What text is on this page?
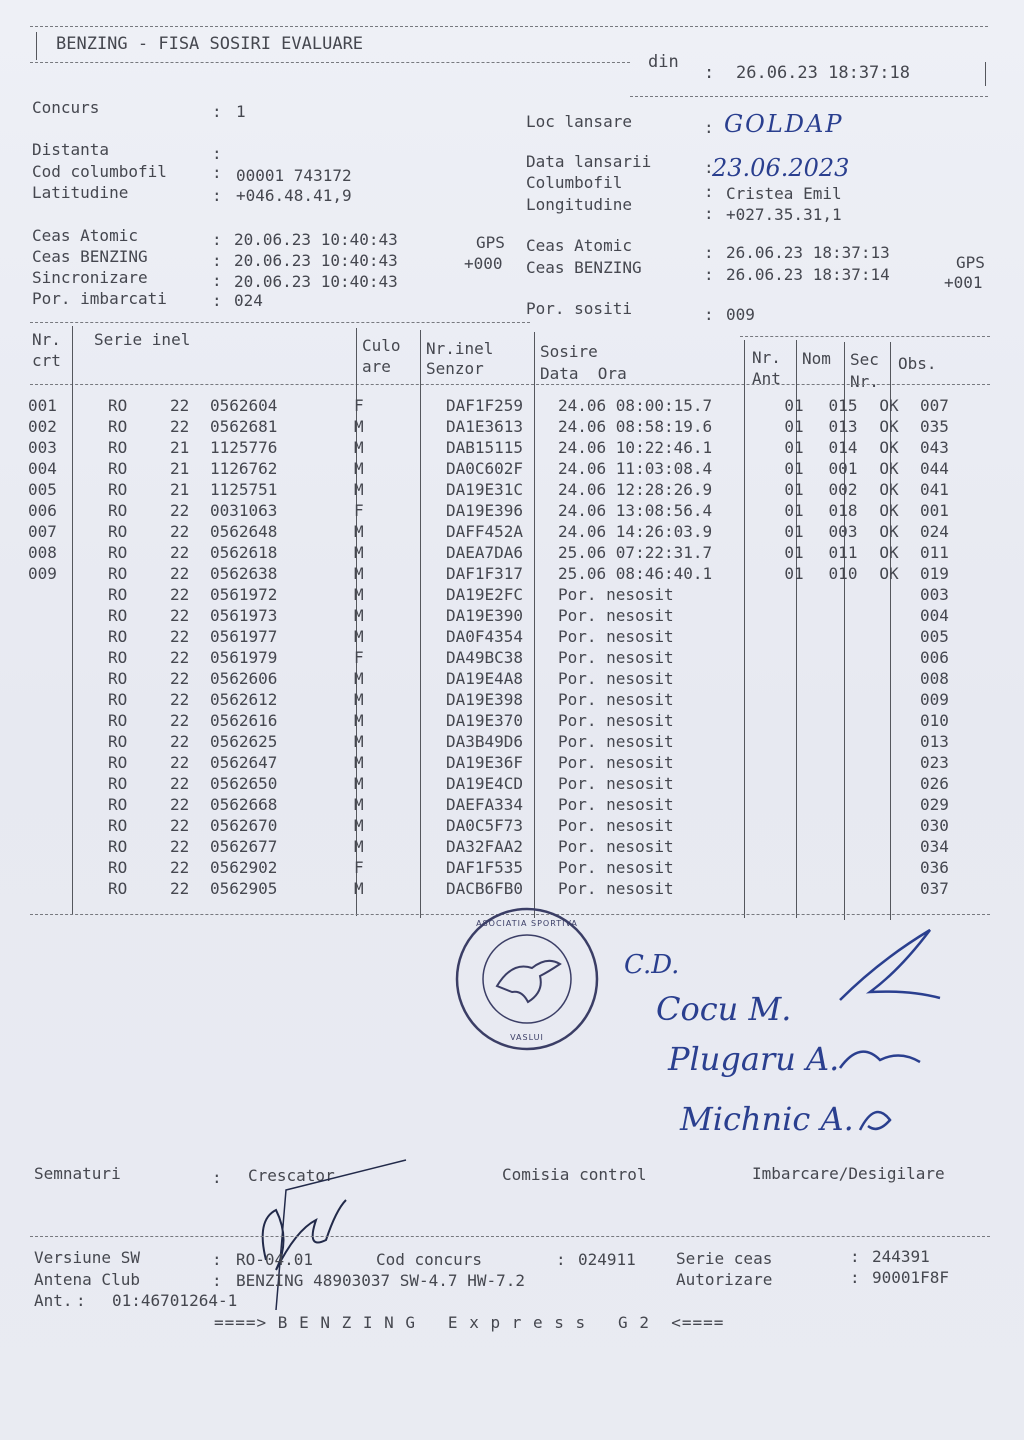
BENZING - FISA SOSIRI EVALUARE
din
: 26.06.23 18:37:18
Concurs	: 1
Distanta	:
Cod columbofil	: 00001 743172
Latitudine	: +046.48.41,9
Loc lansare	: GOLDAP
Data lansarii	:
23.06.2023
Columbofil	: Cristea Emil
Longitudine	: +027.35.31,1
Ceas Atomic	: 20.06.23 10:40:43	GPS
Ceas BENZING	: 20.06.23 10:40:43	+000
Sincronizare	: 20.06.23 10:40:43
Por. imbarcati	: 024
Ceas Atomic	: 26.06.23 18:37:13
GPS
Ceas BENZING	: 26.06.23 18:37:14	+001
Por. sositi	: 009
Nr.
crt
Serie inel	Culo
are
Nr.inel
Senzor
Sosire
Data  Ora
Nr.
Ant
Nom Sec
Nr.
Obs.
001	RO 22 0562604	F		DAF1F259	24.06 08:00:15.7	01	015	OK	007
002	RO 22 0562681	M		DA1E3613	24.06 08:58:19.6	01	013	OK	035
003	RO 21 1125776	M		DAB15115	24.06 10:22:46.1	01	014	OK	043
004	RO 21 1126762	M		DA0C602F	24.06 11:03:08.4	01	001	OK	044
005	RO 21 1125751	M		DA19E31C	24.06 12:28:26.9	01	002	OK	041
006	RO 22 0031063	F		DA19E396	24.06 13:08:56.4	01	018	OK	001
007	RO 22 0562648	M		DAFF452A	24.06 14:26:03.9	01	003	OK	024
008	RO 22 0562618	M		DAEA7DA6	25.06 07:22:31.7	01	011	OK	011
009	RO 22 0562638	M		DAF1F317	25.06 08:46:40.1	01	010	OK	019
	RO 22 0561972	M		DA19E2FC	Por. nesosit				003
	RO 22 0561973	M		DA19E390	Por. nesosit				004
	RO 22 0561977	M		DA0F4354	Por. nesosit				005
	RO 22 0561979	F		DA49BC38	Por. nesosit				006
	RO 22 0562606	M		DA19E4A8	Por. nesosit				008
	RO 22 0562612	M		DA19E398	Por. nesosit				009
	RO 22 0562616	M		DA19E370	Por. nesosit				010
	RO 22 0562625	M		DA3B49D6	Por. nesosit				013
	RO 22 0562647	M		DA19E36F	Por. nesosit				023
	RO 22 0562650	M		DA19E4CD	Por. nesosit				026
	RO 22 0562668	M		DAEFA334	Por. nesosit				029
	RO 22 0562670	M		DA0C5F73	Por. nesosit				030
	RO 22 0562677	M		DA32FAA2	Por. nesosit				034
	RO 22 0562902	F		DAF1F535	Por. nesosit				036
	RO 22 0562905	M		DACB6FB0	Por. nesosit				037
ASOCIATIA SPORTIVA
VASLUI
C.D.
Cocu M.
Plugaru A.
Michnic A.
Semnaturi	: Crescator	Comisia control	Imbarcare/Desigilare
Versiune SW	: RO-04.01	Cod concurs	: 024911	Serie ceas	: 244391
Antena Club	: BENZING 48903037 SW-4.7 HW-7.2	Autorizare	: 90001F8F
Ant. : 01:46701264-1
====> B E N Z I N G   E x p r e s s   G 2  <====
